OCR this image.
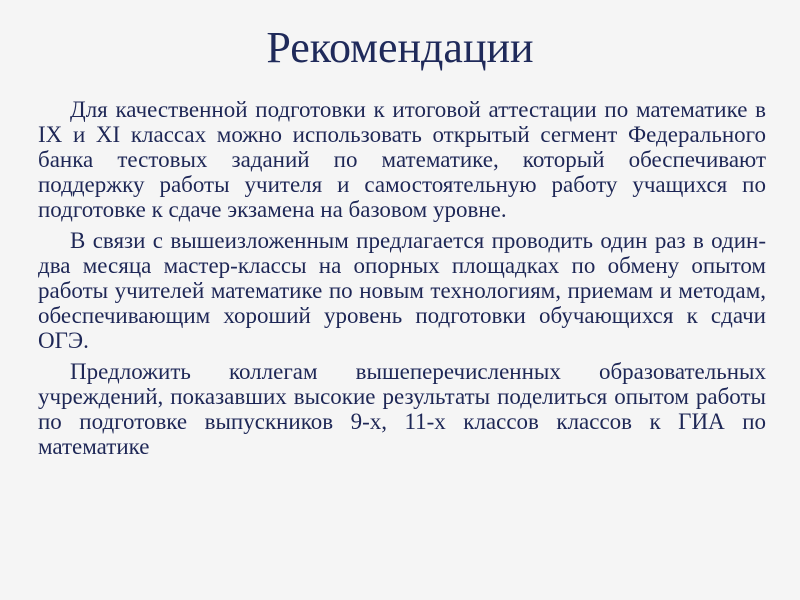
Рекомендации

Для качественной подготовки к итоговой аттестации по математике в IX и XI классах можно использовать открытый сегмент Федерального банка тестовых заданий по математике, который обеспечивают поддержку работы учителя и самостоятельную работу учащихся по подготовке к сдаче экзамена на базовом уровне.

В связи с вышеизложенным предлагается проводить один раз в один-два месяца мастер-классы на опорных площадках по обмену опытом работы учителей математике по новым технологиям, приемам и методам, обеспечивающим хороший уровень подготовки обучающихся к сдачи ОГЭ.

Предложить коллегам вышеперечисленных образовательных учреждений, показавших высокие результаты поделиться опытом работы по подготовке выпускников 9-х, 11-х классов классов к ГИА по математике
